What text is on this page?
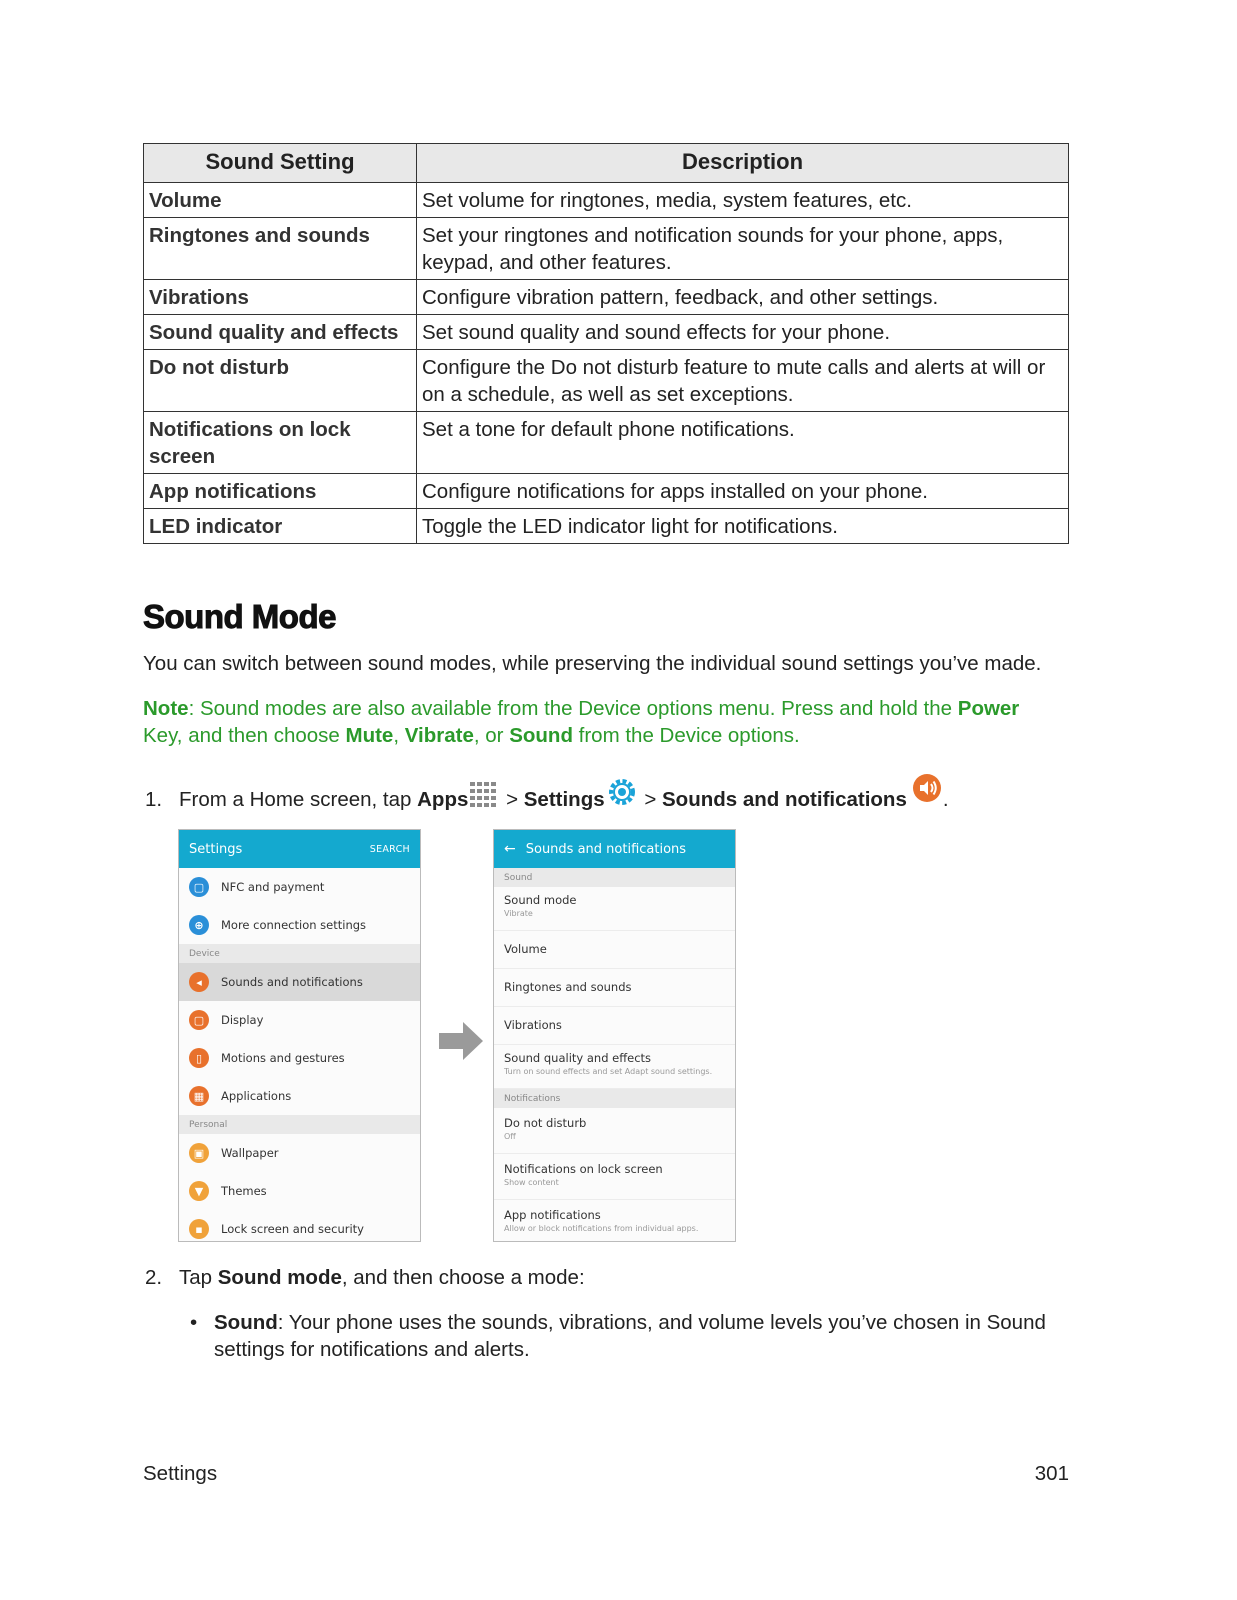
Sound Setting	Description
Volume	Set volume for ringtones, media, system features, etc.
Ringtones and sounds	Set your ringtones and notification sounds for your phone, apps, keypad, and other features.
Vibrations	Configure vibration pattern, feedback, and other settings.
Sound quality and effects	Set sound quality and sound effects for your phone.
Do not disturb	Configure the Do not disturb feature to mute calls and alerts at will or on a schedule, as well as set exceptions.
Notifications on lock screen	Set a tone for default phone notifications.
App notifications	Configure notifications for apps installed on your phone.
LED indicator	Toggle the LED indicator light for notifications.
Sound Mode

You can switch between sound modes, while preserving the individual sound settings you’ve made.

Note: Sound modes are also available from the Device options menu. Press and hold the Power Key, and then choose Mute, Vibrate, or Sound from the Device options.

1. From a Home screen, tap Apps > Settings > Sounds and notifications .
Settings	SEARCH
▢	NFC and payment
⊕	More connection settings
Device
◂	Sounds and notifications
▢	Display
▯	Motions and gestures
▦	Applications
Personal
▣	Wallpaper
▼	Themes
▪	Lock screen and security
← Sounds and notifications
Sound
Sound mode
Vibrate
Volume
Ringtones and sounds
Vibrations
Sound quality and effects
Turn on sound effects and set Adapt sound settings.
Notifications
Do not disturb
Off
Notifications on lock screen
Show content
App notifications
Allow or block notifications from individual apps.
2. Tap Sound mode, and then choose a mode:
• Sound: Your phone uses the sounds, vibrations, and volume levels you’ve chosen in Sound settings for notifications and alerts.
Settings	301
